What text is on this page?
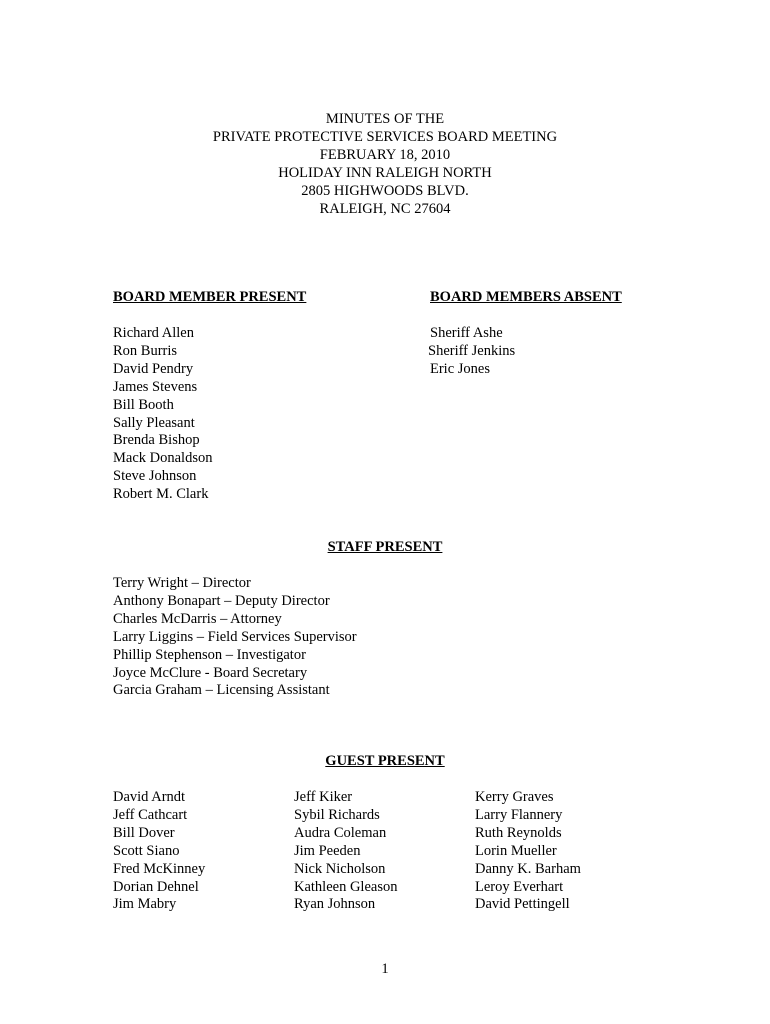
MINUTES OF THE
PRIVATE PROTECTIVE SERVICES BOARD MEETING
FEBRUARY 18, 2010
HOLIDAY INN RALEIGH NORTH
2805 HIGHWOODS BLVD.
RALEIGH, NC 27604
BOARD MEMBER PRESENT
Richard Allen
Ron Burris
David Pendry
James Stevens
Bill Booth
Sally Pleasant
Brenda Bishop
Mack Donaldson
Steve Johnson
Robert M. Clark
BOARD MEMBERS ABSENT
Sheriff Ashe
Sheriff Jenkins
Eric Jones
STAFF PRESENT
Terry Wright – Director
Anthony Bonapart – Deputy Director
Charles McDarris – Attorney
Larry Liggins – Field Services Supervisor
Phillip Stephenson – Investigator
Joyce McClure - Board Secretary
Garcia Graham – Licensing Assistant
GUEST PRESENT
David Arndt
Jeff Cathcart
Bill Dover
Scott Siano
Fred McKinney
Dorian Dehnel
Jim Mabry
Jeff Kiker
Sybil Richards
Audra Coleman
Jim Peeden
Nick Nicholson
Kathleen Gleason
Ryan Johnson
Kerry Graves
Larry Flannery
Ruth Reynolds
Lorin Mueller
Danny K. Barham
Leroy Everhart
David Pettingell
1
